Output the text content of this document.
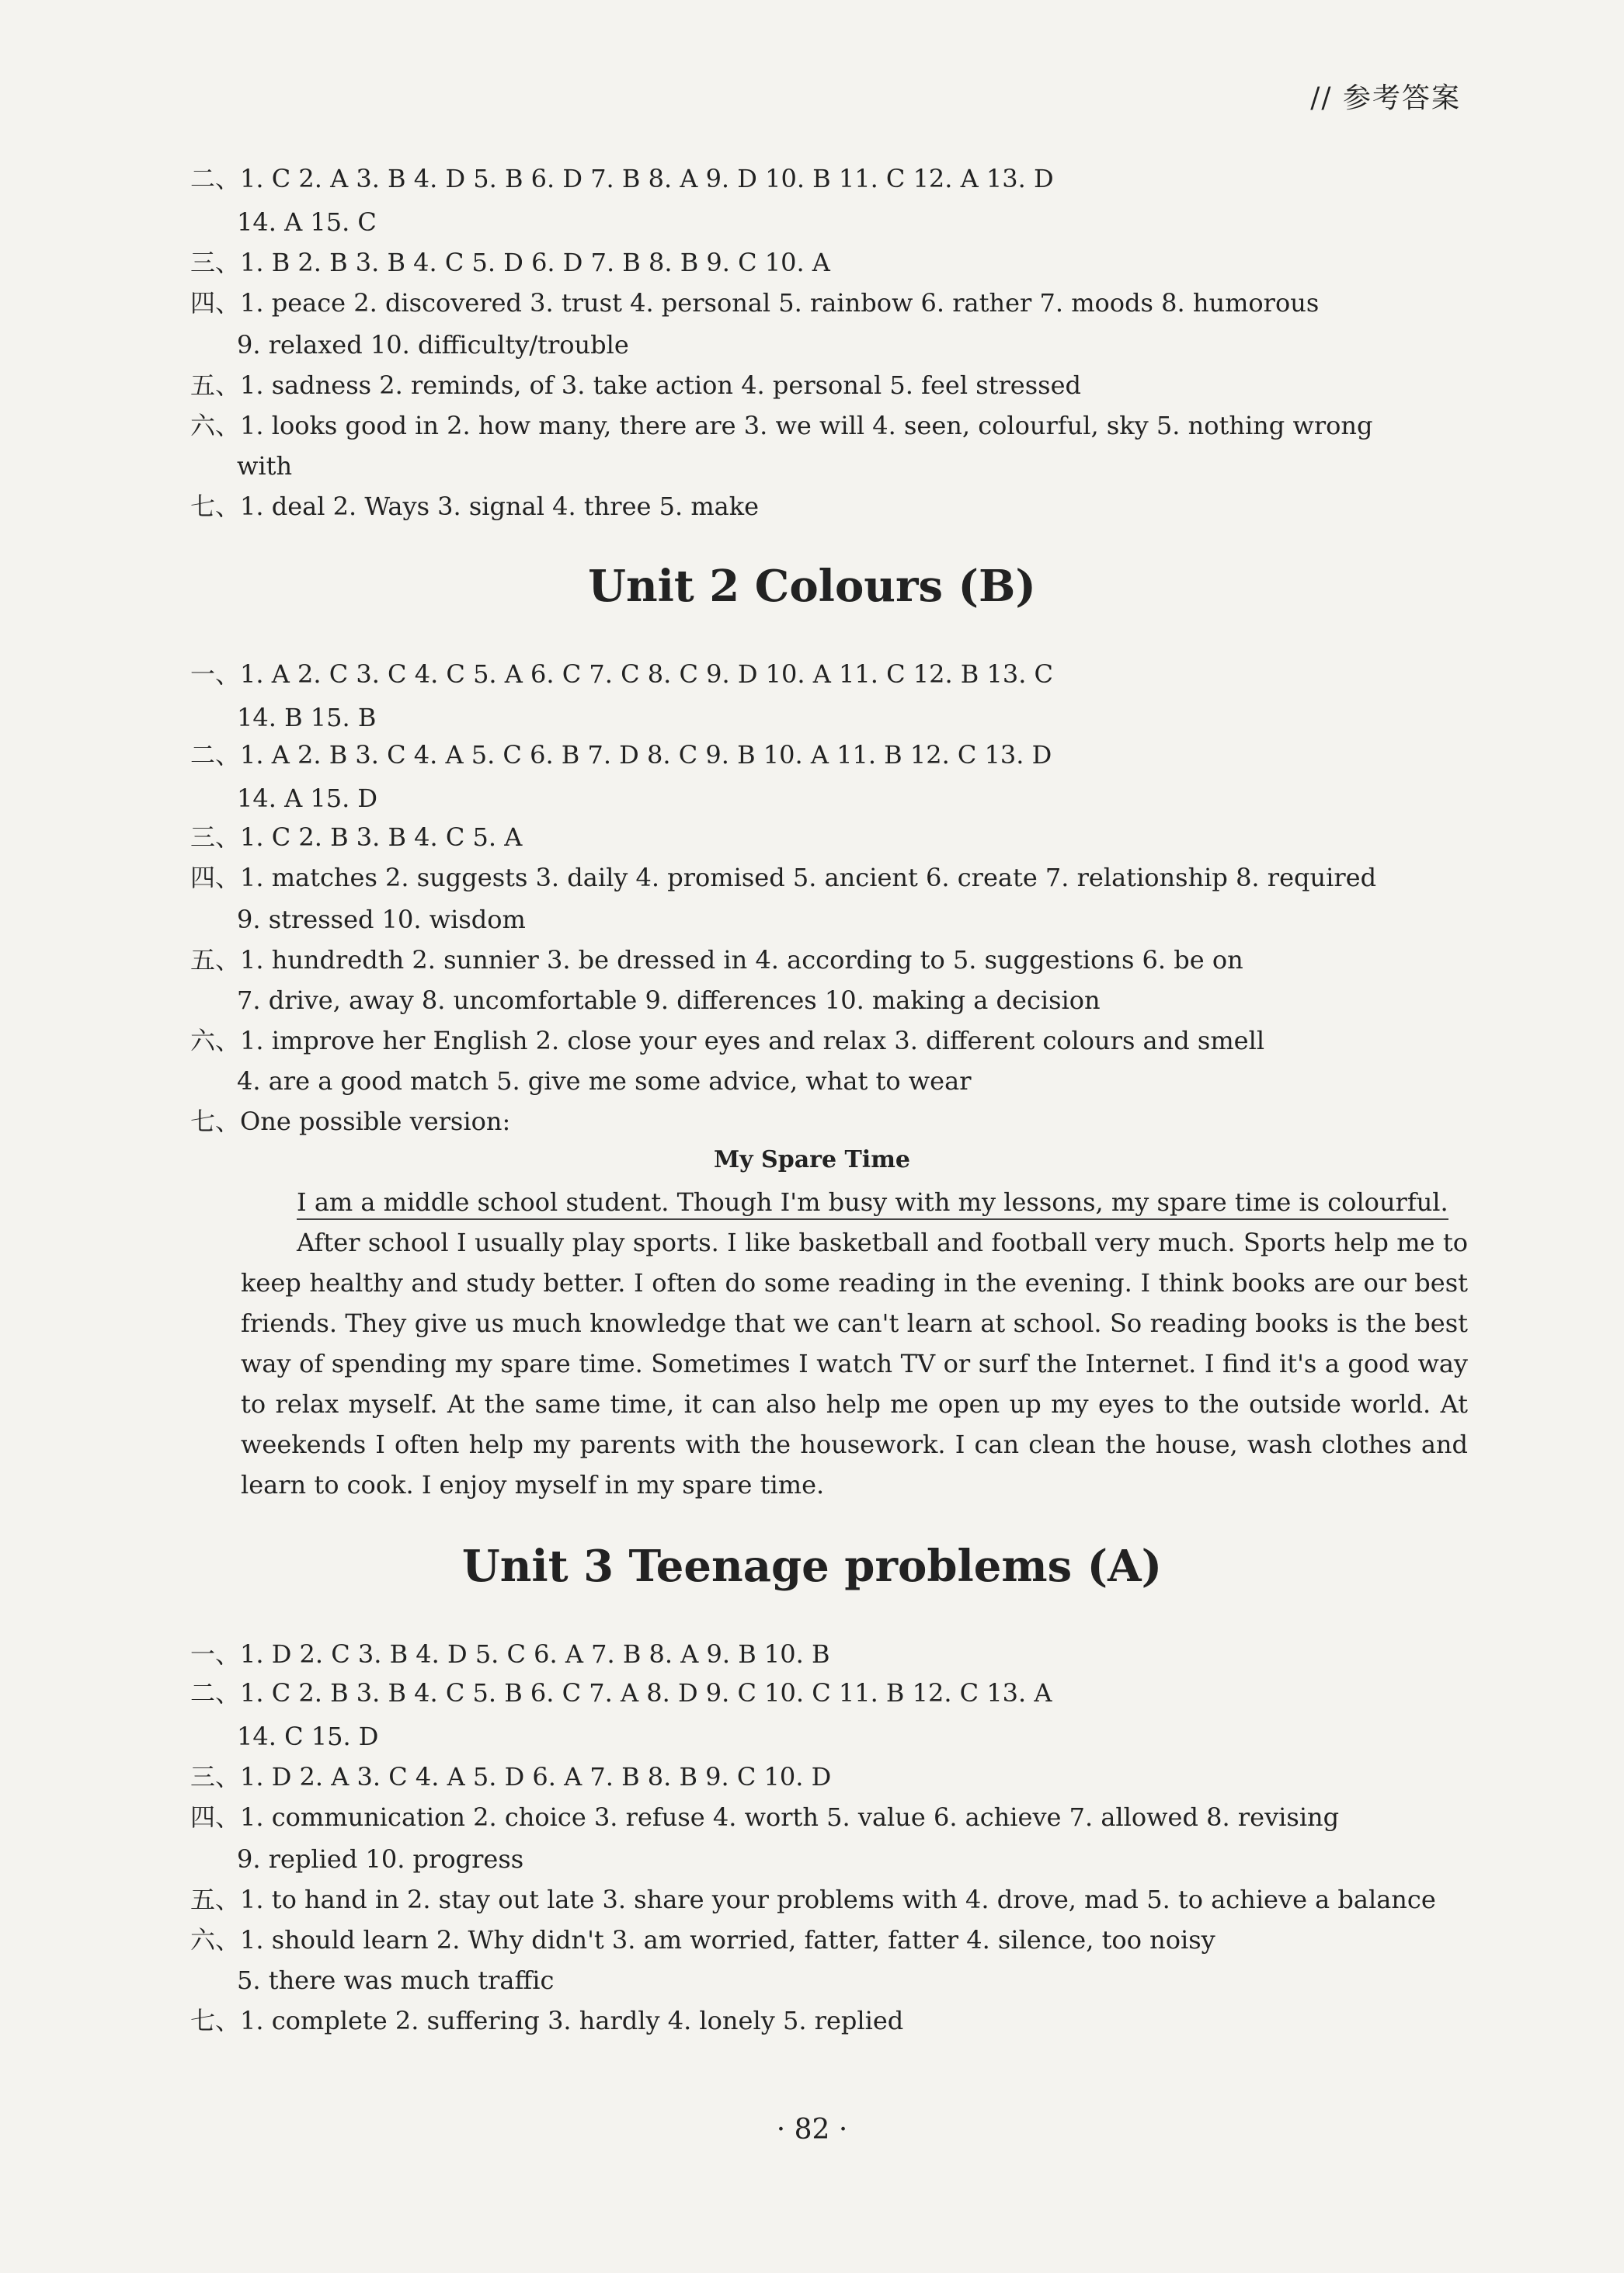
// 参考答案
二、1. C 2. A 3. B 4. D 5. B 6. D 7. B 8. A 9. D 10. B 11. C 12. A 13. D
14. A 15. C
三、1. B 2. B 3. B 4. C 5. D 6. D 7. B 8. B 9. C 10. A
四、1. peace 2. discovered 3. trust 4. personal 5. rainbow 6. rather 7. moods 8. humorous
9. relaxed 10. difficulty/trouble
五、1. sadness 2. reminds, of 3. take action 4. personal 5. feel stressed
六、1. looks good in 2. how many, there are 3. we will 4. seen, colourful, sky 5. nothing wrong
with
七、1. deal 2. Ways 3. signal 4. three 5. make
Unit 2 Colours (B)
一、1. A 2. C 3. C 4. C 5. A 6. C 7. C 8. C 9. D 10. A 11. C 12. B 13. C
14. B 15. B
二、1. A 2. B 3. C 4. A 5. C 6. B 7. D 8. C 9. B 10. A 11. B 12. C 13. D
14. A 15. D
三、1. C 2. B 3. B 4. C 5. A
四、1. matches 2. suggests 3. daily 4. promised 5. ancient 6. create 7. relationship 8. required
9. stressed 10. wisdom
五、1. hundredth 2. sunnier 3. be dressed in 4. according to 5. suggestions 6. be on
7. drive, away 8. uncomfortable 9. differences 10. making a decision
六、1. improve her English 2. close your eyes and relax 3. different colours and smell
4. are a good match 5. give me some advice, what to wear
七、One possible version:
My Spare Time
I am a middle school student. Though I'm busy with my lessons, my spare time is colourful.
After school I usually play sports. I like basketball and football very much. Sports help me to keep healthy and study better. I often do some reading in the evening. I think books are our best friends. They give us much knowledge that we can't learn at school. So reading books is the best way of spending my spare time. Sometimes I watch TV or surf the Internet. I find it's a good way to relax myself. At the same time, it can also help me open up my eyes to the outside world. At weekends I often help my parents with the housework. I can clean the house, wash clothes and learn to cook. I enjoy myself in my spare time.
Unit 3 Teenage problems (A)
一、1. D 2. C 3. B 4. D 5. C 6. A 7. B 8. A 9. B 10. B
二、1. C 2. B 3. B 4. C 5. B 6. C 7. A 8. D 9. C 10. C 11. B 12. C 13. A
14. C 15. D
三、1. D 2. A 3. C 4. A 5. D 6. A 7. B 8. B 9. C 10. D
四、1. communication 2. choice 3. refuse 4. worth 5. value 6. achieve 7. allowed 8. revising
9. replied 10. progress
五、1. to hand in 2. stay out late 3. share your problems with 4. drove, mad 5. to achieve a balance
六、1. should learn 2. Why didn't 3. am worried, fatter, fatter 4. silence, too noisy
5. there was much traffic
七、1. complete 2. suffering 3. hardly 4. lonely 5. replied
· 82 ·
